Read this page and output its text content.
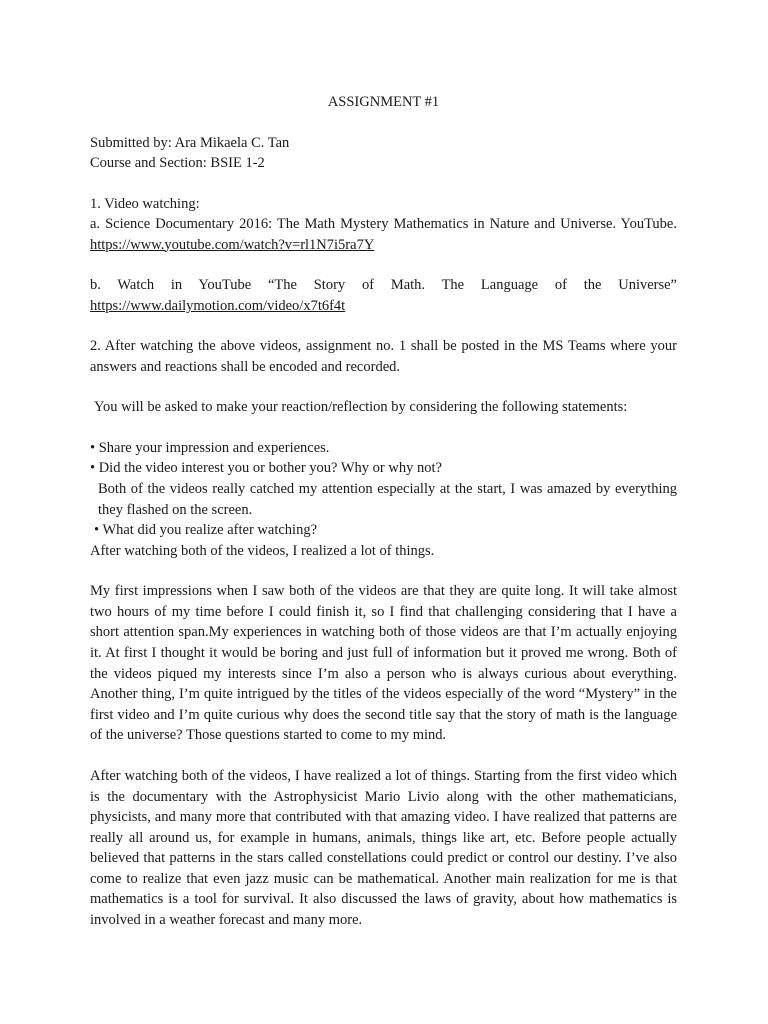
ASSIGNMENT #1

Submitted by: Ara Mikaela C. Tan

Course and Section: BSIE 1-2

1. Video watching:

a. Science Documentary 2016: The Math Mystery Mathematics in Nature and Universe. YouTube. https://www.youtube.com/watch?v=rl1N7i5ra7Y

b. Watch in YouTube “The Story of Math. The Language of the Universe”

https://www.dailymotion.com/video/x7t6f4t

2. After watching the above videos, assignment no. 1 shall be posted in the MS Teams where your answers and reactions shall be encoded and recorded.

You will be asked to make your reaction/reflection by considering the following statements:

• Share your impression and experiences.

• Did the video interest you or bother you? Why or why not?

Both of the videos really catched my attention especially at the start, I was amazed by everything they flashed on the screen.

• What did you realize after watching?

After watching both of the videos, I realized a lot of things.

My first impressions when I saw both of the videos are that they are quite long. It will take almost two hours of my time before I could finish it, so I find that challenging considering that I have a short attention span.My experiences in watching both of those videos are that I’m actually enjoying it. At first I thought it would be boring and just full of information but it proved me wrong. Both of the videos piqued my interests since I’m also a person who is always curious about everything. Another thing, I’m quite intrigued by the titles of the videos especially of the word “Mystery” in the first video and I’m quite curious why does the second title say that the story of math is the language of the universe? Those questions started to come to my mind.

After watching both of the videos, I have realized a lot of things. Starting from the first video which is the documentary with the Astrophysicist Mario Livio along with the other mathematicians, physicists, and many more that contributed with that amazing video. I have realized that patterns are really all around us, for example in humans, animals, things like art, etc. Before people actually believed that patterns in the stars called constellations could predict or control our destiny. I’ve also come to realize that even jazz music can be mathematical. Another main realization for me is that mathematics is a tool for survival. It also discussed the laws of gravity, about how mathematics is involved in a weather forecast and many more.
